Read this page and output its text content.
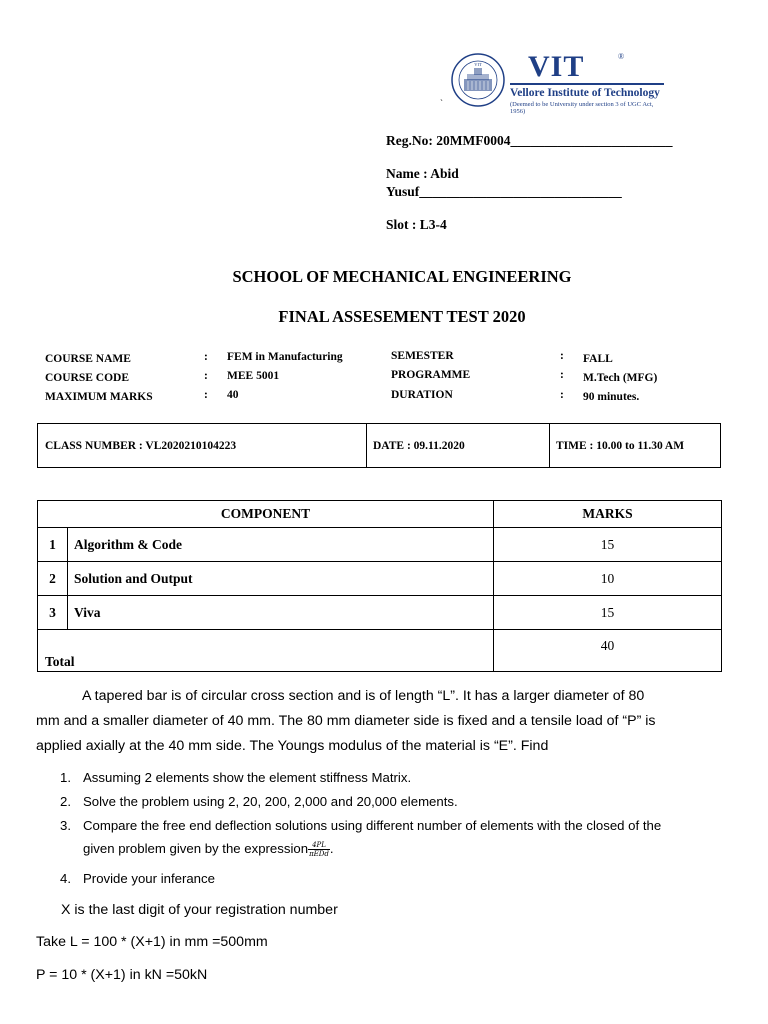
`
VIT VIT	®
Vellore Institute of Technology
(Deemed to be University under section 3 of UGC Act, 1956)
Reg.No: 20MMF0004________________________
Name : Abid
Yusuf______________________________
Slot : L3-4
SCHOOL OF MECHANICAL ENGINEERING
FINAL ASSESEMENT TEST 2020
COURSE NAME	: FEM in Manufacturing
COURSE CODE	: MEE 5001
MAXIMUM MARKS	: 40
SEMESTER	: FALL
PROGRAMME	: M.Tech (MFG)
DURATION	: 90 minutes.
CLASS NUMBER : VL2020210104223	DATE : 09.11.2020	TIME : 10.00 to 11.30 AM
COMPONENT		MARKS
1	Algorithm & Code	15
2	Solution and Output	10
3	Viva	15
Total		40
A tapered bar is of circular cross section and is of length “L”. It has a larger diameter of 80
mm and a smaller diameter of 40 mm. The 80 mm diameter side is fixed and a tensile load of “P” is
applied axially at the 40 mm side. The Youngs modulus of the material is “E”. Find
1. Assuming 2 elements show the element stiffness Matrix.
2. Solve the problem using 2, 20, 200, 2,000 and 20,000 elements.
3. Compare the free end deflection solutions using different number of elements with the closed of the
given problem given by the expression $\frac{4PL}{\text{πEDd}}$ .
4. Provide your inferance
X is the last digit of your registration number
Take L = 100 * (X+1) in mm =500mm
P = 10 * (X+1) in kN =50kN
